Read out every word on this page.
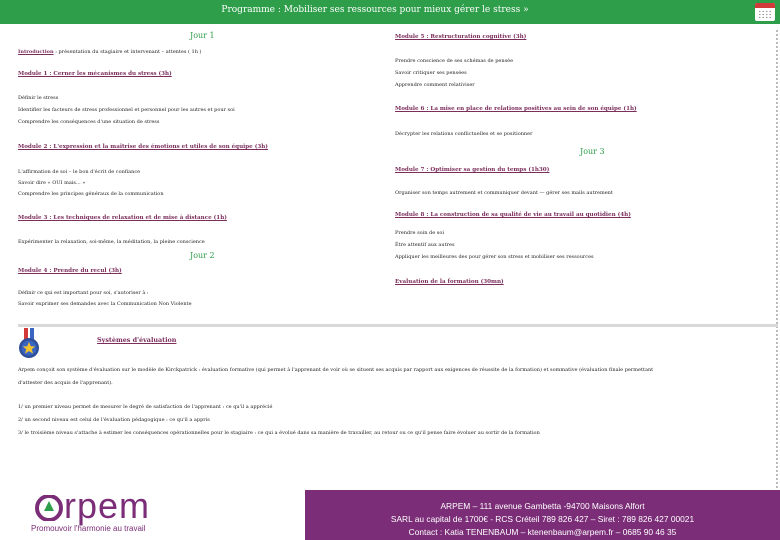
Programme : Mobiliser ses ressources pour mieux gérer le stress »
Jour 1
Introduction : présentation du stagiaire et intervenant – attentes ( 1h )
Module 1 : Cerner les mécanismes du stress (3h)
Définir le stress
Identifier les facteurs de stress professionnel et personnel pour les autres et pour soi
Comprendre les conséquences d'une situation de stress
Module 2 : L'expression et la maîtrise des émotions et utiles de son équipe (3h)
L'affirmation de soi – le bon d'écrit de confiance
Savoir dire « OUI mais... »
Comprendre les principes généraux de la communication
Module 3 : Les techniques de relaxation et de mise à distance (1h)
Expérimenter la relaxation, soi-même, la méditation, la pleine conscience
Jour 2
Module 4 : Prendre du recul (3h)
Définir ce qui est important pour soi, s'autoriser à :
Savoir exprimer ses demandes avec la Communication Non Violente
Module 5 : Restructuration cognitive (3h)
Prendre conscience de ses schémas de pensée
Savoir critiquer ses pensées
Apprendre comment relativiser
Module 6 : La mise en place de relations positives au sein de son équipe (1h)
Décrypter les relations conflictuelles et se positionner
Jour 3
Module 7 : Optimiser sa gestion du temps (1h30)
Organiser son temps autrement et communiquer devant — gérer ses mails autrement
Module 8 : La construction de sa qualité de vie au travail au quotidien (4h)
Prendre soin de soi
Être attentif aux autres
Appliquer les meilleures des pour gérer son stress et mobiliser ses ressources
Evaluation de la formation (30mn)
Systèmes d'évaluation
Arpem conçoit son système d'évaluation sur le modèle de Kirckpatrick : évaluation formative (qui permet à l'apprenant de voir où se situent ses acquis par rapport aux exigences de réussite de la formation) et sommative (évaluation finale permettant
d'attester des acquis de l'apprenant).
1/ un premier niveau permet de mesurer le degré de satisfaction de l'apprenant : ce qu'il a apprécié
2/ un second niveau est celui de l'évaluation pédagogique : ce qu'il a appris
3/ le troisième niveau s'attache à estimer les conséquences opérationnelles pour le stagiaire : ce qui a évolué dans sa manière de travailler, au retour ou ce qu'il pense faire évoluer au sortir de la formation
rpem
Promouvoir l'harmonie au travail
ARPEM – 111 avenue Gambetta -94700 Maisons Alfort
SARL au capital de 1700€ - RCS Créteil 789 826 427 – Siret : 789 826 427 00021
Contact : Katia TENENBAUM – ktenenbaum@arpem.fr – 0685 90 46 35
